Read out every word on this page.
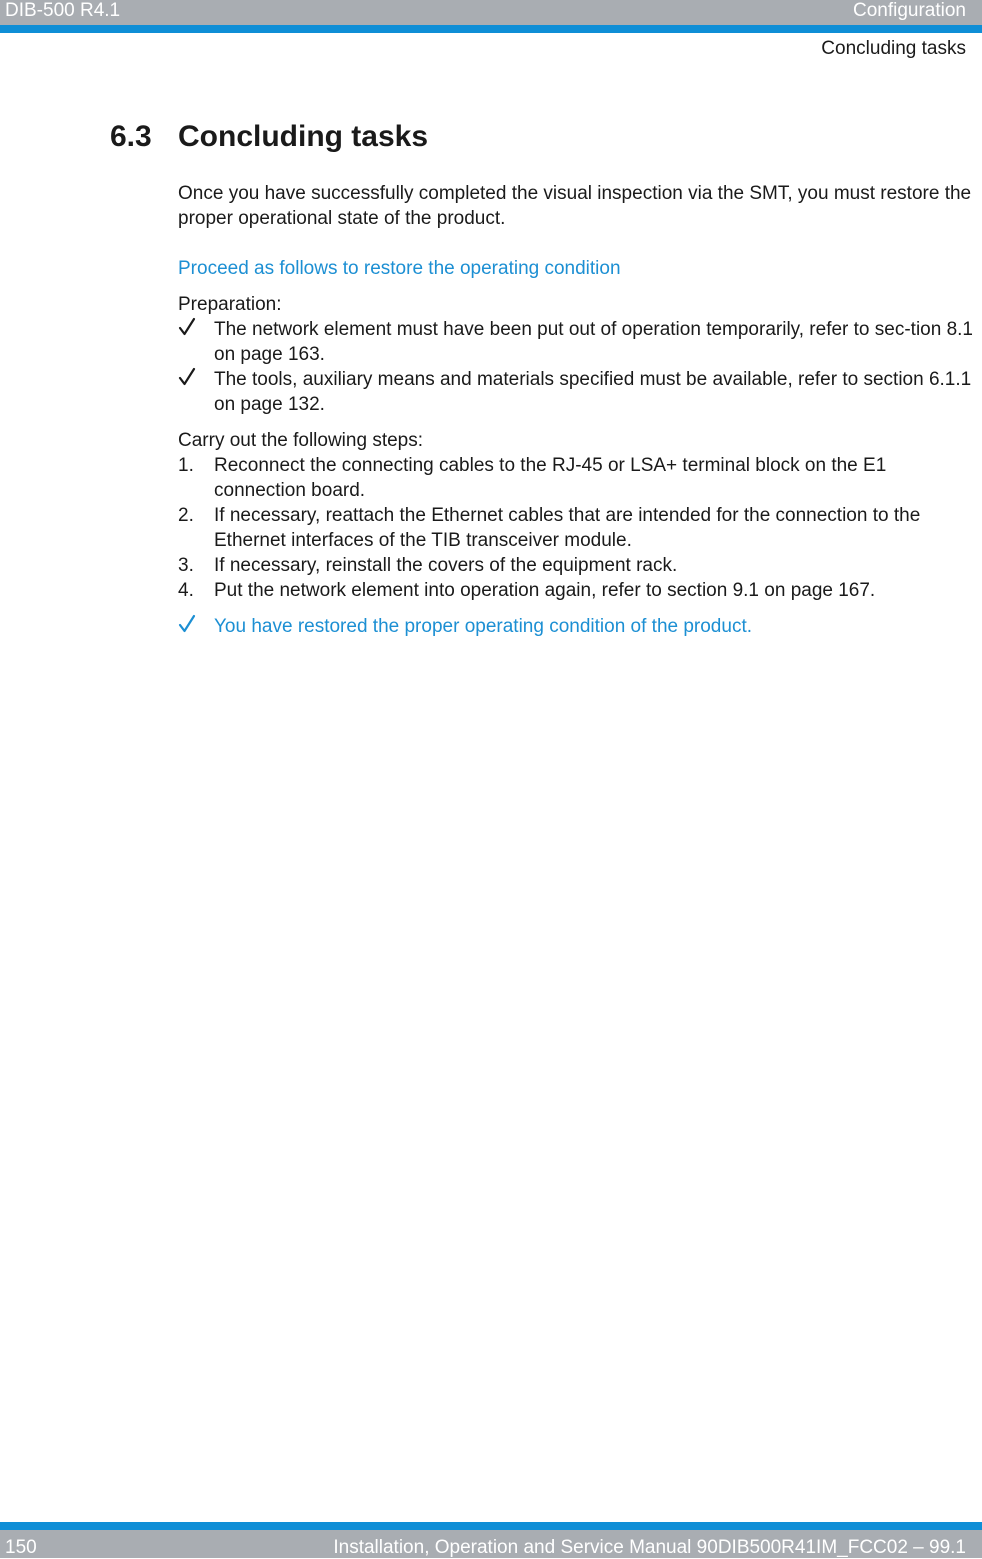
DIB-500 R4.1	Configuration
Concluding tasks
6.3 Concluding tasks

Once you have successfully completed the visual inspection via the SMT, you must restore the proper operational state of the product.

Proceed as follows to restore the operating condition

Preparation:

The network element must have been put out of operation temporarily, refer to sec-tion 8.1 on page 163.
The tools, auxiliary means and materials specified must be available, refer to section 6.1.1 on page 132.

Carry out the following steps:

1.	Reconnect the connecting cables to the RJ-45 or LSA+ terminal block on the E1 connection board.
2.	If necessary, reattach the Ethernet cables that are intended for the connection to the Ethernet interfaces of the TIB transceiver module.
3.	If necessary, reinstall the covers of the equipment rack.
4.	Put the network element into operation again, refer to section 9.1 on page 167.
You have restored the proper operating condition of the product.
150	Installation, Operation and Service Manual 90DIB500R41IM_FCC02 – 99.1
